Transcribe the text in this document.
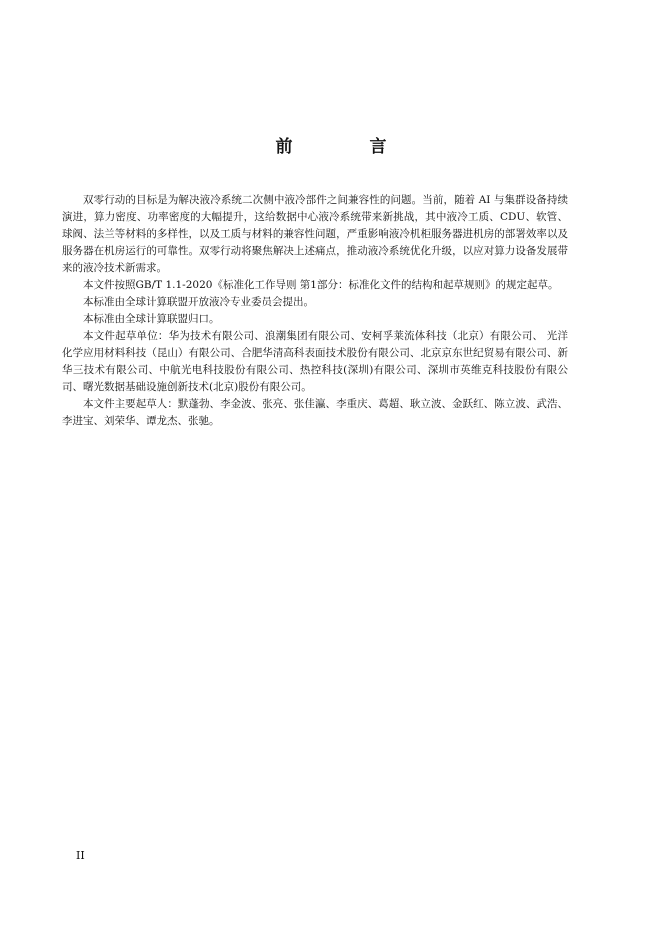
前　言

双零行动的目标是为解决液冷系统二次侧中液冷部件之间兼容性的问题。当前，随着 AI 与集群设备持续演进，算力密度、功率密度的大幅提升，这给数据中心液冷系统带来新挑战，其中液冷工质、CDU、软管、球阀、法兰等材料的多样性，以及工质与材料的兼容性问题，严重影响液冷机柜服务器进机房的部署效率以及服务器在机房运行的可靠性。双零行动将聚焦解决上述痛点，推动液冷系统优化升级，以应对算力设备发展带来的液冷技术新需求。

本文件按照GB/T 1.1-2020《标准化工作导则 第1部分：标准化文件的结构和起草规则》的规定起草。

本标准由全球计算联盟开放液冷专业委员会提出。

本标准由全球计算联盟归口。

本文件起草单位：华为技术有限公司、浪潮集团有限公司、安柯孚莱流体科技（北京）有限公司、 光洋化学应用材料科技（昆山）有限公司、合肥华清高科表面技术股份有限公司、北京京东世纪贸易有限公司、新华三技术有限公司、中航光电科技股份有限公司、热控科技(深圳)有限公司、深圳市英维克科技股份有限公司、曙光数据基础设施创新技术(北京)股份有限公司。

本文件主要起草人：默蓬勃、李金波、张亮、张佳瀛、李重庆、葛超、耿立波、金跃红、陈立波、武浩、李进宝、刘荣华、谭龙杰、张驰。

II
